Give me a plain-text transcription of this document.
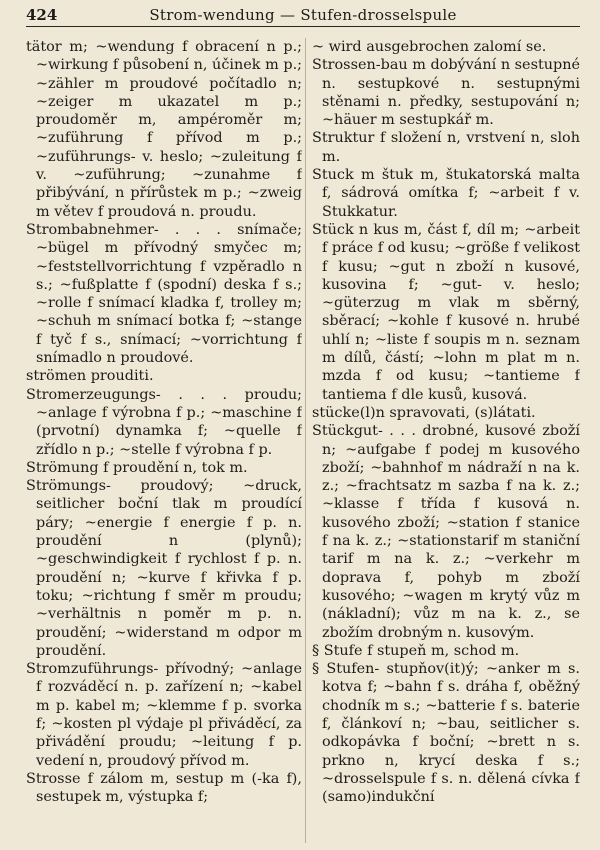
424	Strom-wendung — Stufen-drosselspule

tätor m; ~wendung f obracení n p.; ~wirkung f působení n, účinek m p.; ~zähler m proudové počítadlo n; ~zeiger m ukazatel m p.; proudoměr m, ampéroměr m; ~zuführung f přívod m p.; ~zuführungs- v. heslo; ~zuleitung f v. ~zuführung; ~zunahme f přibývání, n přírůstek m p.; ~zweig m větev f proudová n. proudu.

Strombabnehmer- . . . snímače; ~bügel m přívodný smyčec m; ~feststellvorrichtung f vzpěradlo n s.; ~fußplatte f (spodní) deska f s.; ~rolle f snímací kladka f, trolley m; ~schuh m snímací botka f; ~stange f tyč f s., snímací; ~vorrichtung f snímadlo n proudové.

strömen prouditi.

Stromerzeugungs- . . . proudu; ~anlage f výrobna f p.; ~maschine f (prvotní) dynamka f; ~quelle f zřídlo n p.; ~stelle f výrobna f p.

Strömung f proudění n, tok m.

Strömungs- proudový; ~druck, seitlicher boční tlak m proudící páry; ~energie f energie f p. n. proudění n (plynů); ~geschwindigkeit f rychlost f p. n. proudění n; ~kurve f křivka f p. toku; ~richtung f směr m proudu; ~verhältnis n poměr m p. n. proudění; ~widerstand m odpor m proudění.

Stromzuführungs- přívodný; ~anlage f rozváděcí n. p. zařízení n; ~kabel m p. kabel m; ~klemme f p. svorka f; ~kosten pl výdaje pl přiváděcí, za přivádění proudu; ~leitung f p. vedení n, proudový přívod m.

Strosse f zálom m, sestup m (-ka f), sestupek m, výstupka f;

~ wird ausgebrochen zalomí se.

Strossen-bau m dobývání n sestupné n. sestupkové n. sestupnými stěnami n. předky, sestupování n; ~häuer m sestupkář m.

Struktur f složení n, vrstvení n, sloh m.

Stuck m štuk m, štukatorská malta f, sádrová omítka f; ~arbeit f v. Stukkatur.

Stück n kus m, část f, díl m; ~arbeit f práce f od kusu; ~größe f velikost f kusu; ~gut n zboží n kusové, kusovina f; ~gut- v. heslo; ~güterzug m vlak m sběrný, sběrací; ~kohle f kusové n. hrubé uhlí n; ~liste f soupis m n. seznam m dílů, částí; ~lohn m plat m n. mzda f od kusu; ~tantieme f tantiema f dle kusů, kusová.

stücke(l)n spravovati, (s)látati.

Stückgut- . . . drobné, kusové zboží n; ~aufgabe f podej m kusového zboží; ~bahnhof m nádraží n na k. z.; ~frachtsatz m sazba f na k. z.; ~klasse f třída f kusová n. kusového zboží; ~station f stanice f na k. z.; ~stationstarif m staniční tarif m na k. z.; ~verkehr m doprava f, pohyb m zboží kusového; ~wagen m krytý vůz m (nákladní); vůz m na k. z., se zbožím drobným n. kusovým.

§ Stufe f stupeň m, schod m.

§ Stufen- stupňov(it)ý; ~anker m s. kotva f; ~bahn f s. dráha f, oběžný chodník m s.; ~batterie f s. baterie f, článkoví n; ~bau, seitlicher s. odkopávka f boční; ~brett n s. prkno n, krycí deska f s.; ~drosselspule f s. n. dělená cívka f (samo)indukční
